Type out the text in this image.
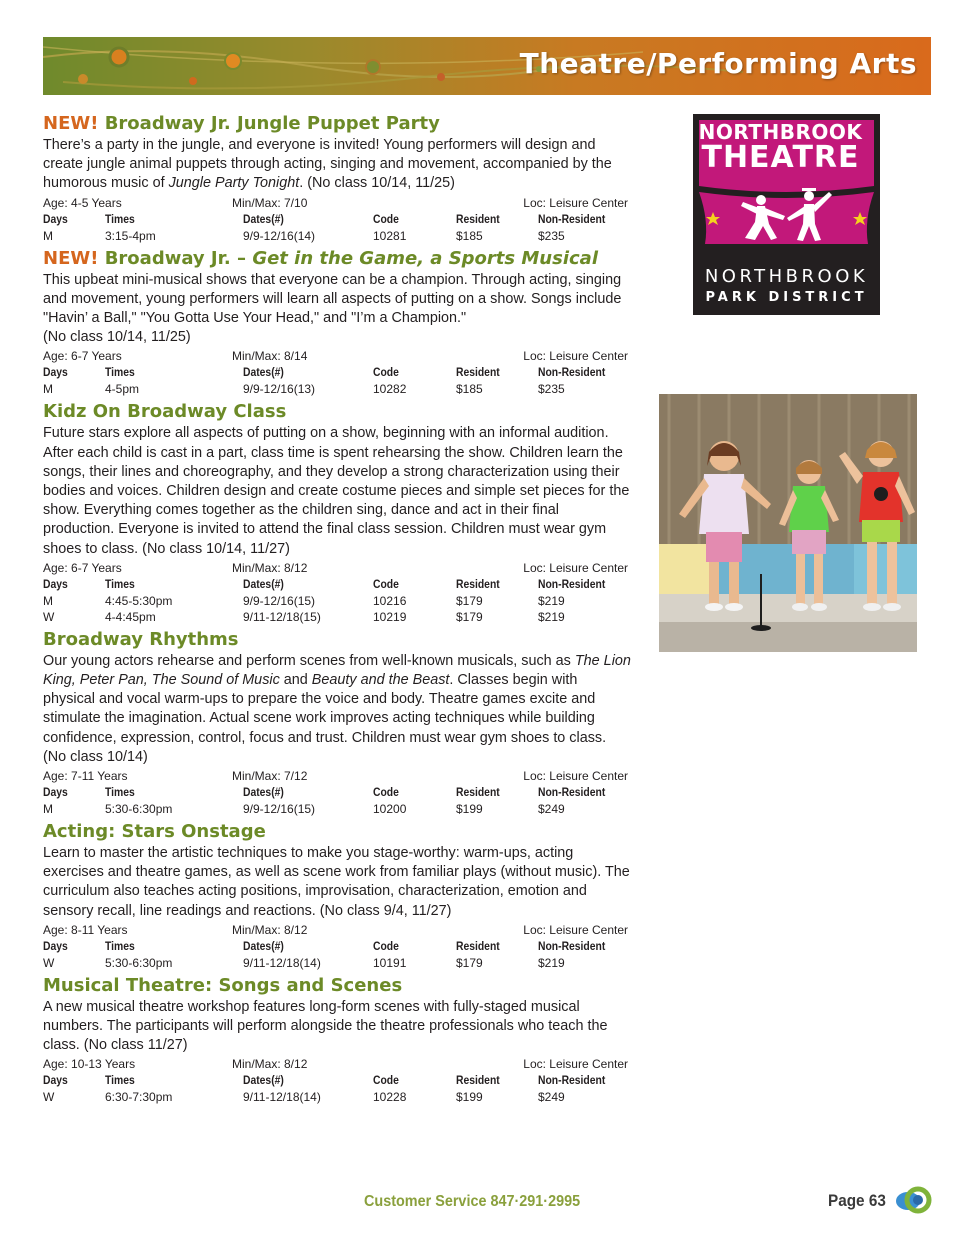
Theatre/Performing Arts
NEW! Broadway Jr. Jungle Puppet Party

There’s a party in the jungle, and everyone is invited! Young performers will design and create jungle animal puppets through acting, singing and movement, accompanied by the humorous music of Jungle Party Tonight. (No class 10/14, 11/25)

Age: 4-5 Years	Min/Max: 7/10	Loc: Leisure Center
Days	Times	Dates(#)	Code	Resident	Non-Resident
M	3:15-4pm	9/9-12/16(14)	10281	$185	$235
NEW! Broadway Jr. – Get in the Game, a Sports Musical

This upbeat mini-musical shows that everyone can be a champion. Through acting, singing and movement, young performers will learn all aspects of putting on a show. Songs include "Havin’ a Ball," "You Gotta Use Your Head," and "I’m a Champion."
(No class 10/14, 11/25)

Age: 6-7 Years	Min/Max: 8/14	Loc: Leisure Center
Days	Times	Dates(#)	Code	Resident	Non-Resident
M	4-5pm	9/9-12/16(13)	10282	$185	$235
Kidz On Broadway Class

Future stars explore all aspects of putting on a show, beginning with an informal audition. After each child is cast in a part, class time is spent rehearsing the show. Children learn the songs, their lines and choreography, and they develop a strong characterization using their bodies and voices. Children design and create costume pieces and simple set pieces for the show. Everything comes together as the children sing, dance and act in their final production. Everyone is invited to attend the final class session. Children must wear gym shoes to class. (No class 10/14, 11/27)

Age: 6-7 Years	Min/Max: 8/12	Loc: Leisure Center
Days	Times	Dates(#)	Code	Resident	Non-Resident
M	4:45-5:30pm	9/9-12/16(15)	10216	$179	$219
W	4-4:45pm	9/11-12/18(15)	10219	$179	$219
Broadway Rhythms

Our young actors rehearse and perform scenes from well-known musicals, such as The Lion King, Peter Pan, The Sound of Music and Beauty and the Beast. Classes begin with physical and vocal warm-ups to prepare the voice and body. Theatre games excite and stimulate the imagination. Actual scene work improves acting techniques while building confidence, expression, control, focus and trust. Children must wear gym shoes to class.
(No class 10/14)

Age: 7-11 Years	Min/Max: 7/12	Loc: Leisure Center
Days	Times	Dates(#)	Code	Resident	Non-Resident
M	5:30-6:30pm	9/9-12/16(15)	10200	$199	$249
Acting: Stars Onstage

Learn to master the artistic techniques to make you stage-worthy: warm-ups, acting exercises and theatre games, as well as scene work from familiar plays (without music). The curriculum also teaches acting positions, improvisation, characterization, emotion and sensory recall, line readings and reactions. (No class 9/4, 11/27)

Age: 8-11 Years	Min/Max: 8/12	Loc: Leisure Center
Days	Times	Dates(#)	Code	Resident	Non-Resident
W	5:30-6:30pm	9/11-12/18(14)	10191	$179	$219
Musical Theatre: Songs and Scenes

A new musical theatre workshop features long-form scenes with fully-staged musical numbers. The participants will perform alongside the theatre professionals who teach the class. (No class 11/27)

Age: 10-13 Years	Min/Max: 8/12	Loc: Leisure Center
Days	Times	Dates(#)	Code	Resident	Non-Resident
W	6:30-7:30pm	9/11-12/18(14)	10228	$199	$249
NORTHBROOK
THEATRE
NORTHBROOK
PARK DISTRICT
Customer Service 847·291·2995	Page 63
